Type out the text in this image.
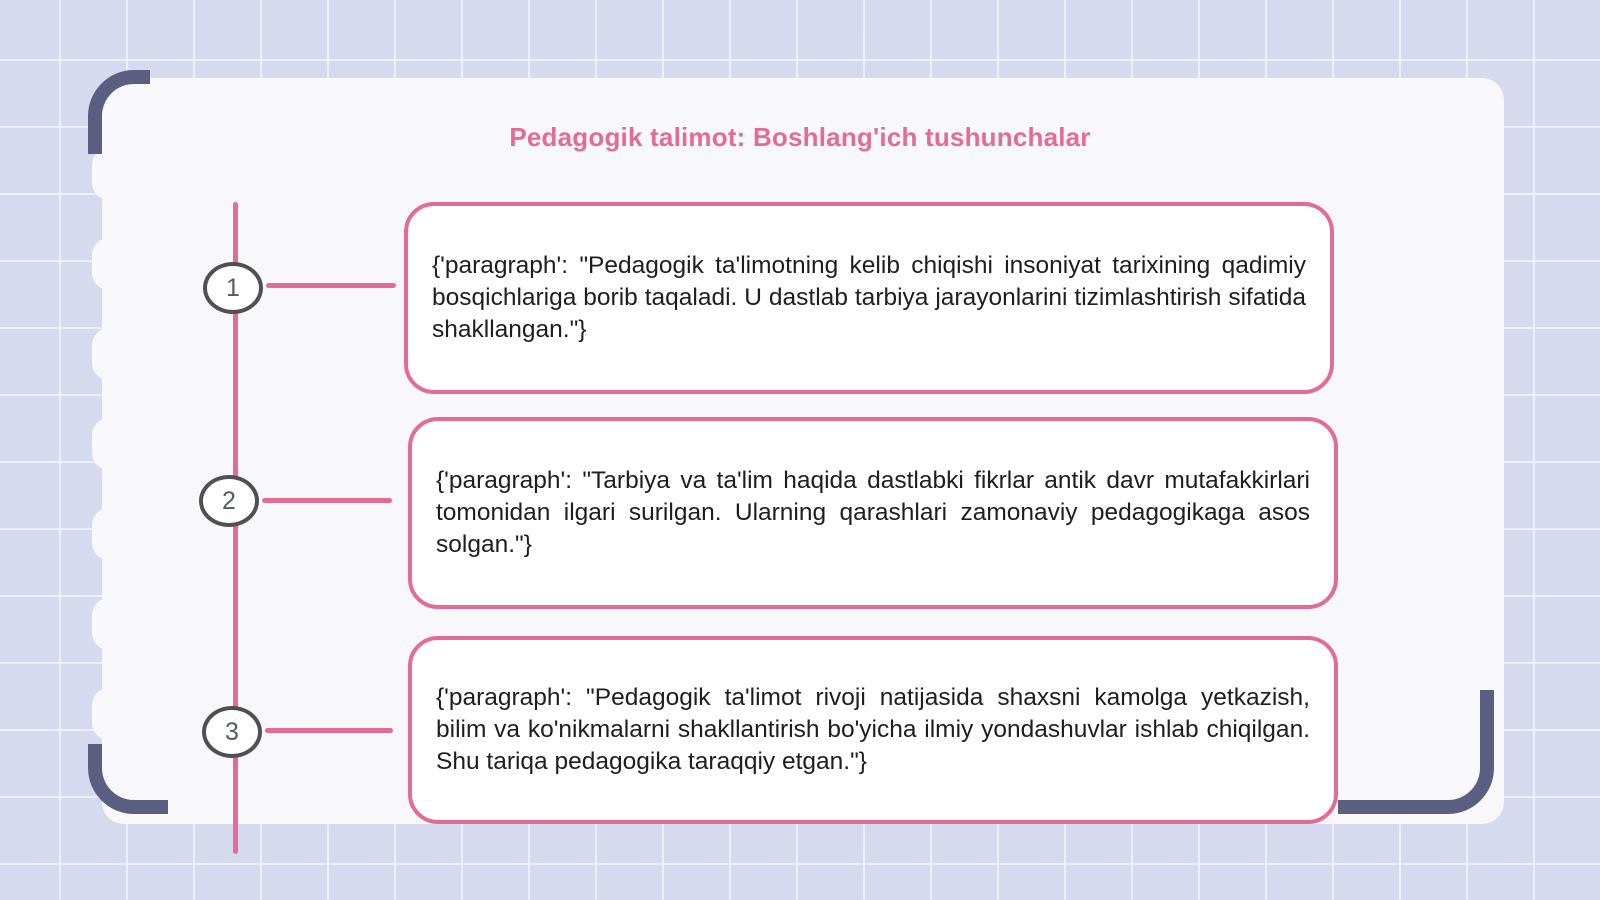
Pedagogik talimot: Boshlang'ich tushunchalar
1
{'paragraph': "Pedagogik ta'limotning kelib chiqishi insoniyat tarixining qadimiy bosqichlariga borib taqaladi. U dastlab tarbiya jarayonlarini tizimlashtirish sifatida shakllangan."}
2
{'paragraph': "Tarbiya va ta'lim haqida dastlabki fikrlar antik davr mutafakkirlari tomonidan ilgari surilgan. Ularning qarashlari zamonaviy pedagogikaga asos solgan."}
3
{'paragraph': "Pedagogik ta'limot rivoji natijasida shaxsni kamolga yetkazish, bilim va ko'nikmalarni shakllantirish bo'yicha ilmiy yondashuvlar ishlab chiqilgan. Shu tariqa pedagogika taraqqiy etgan."}
